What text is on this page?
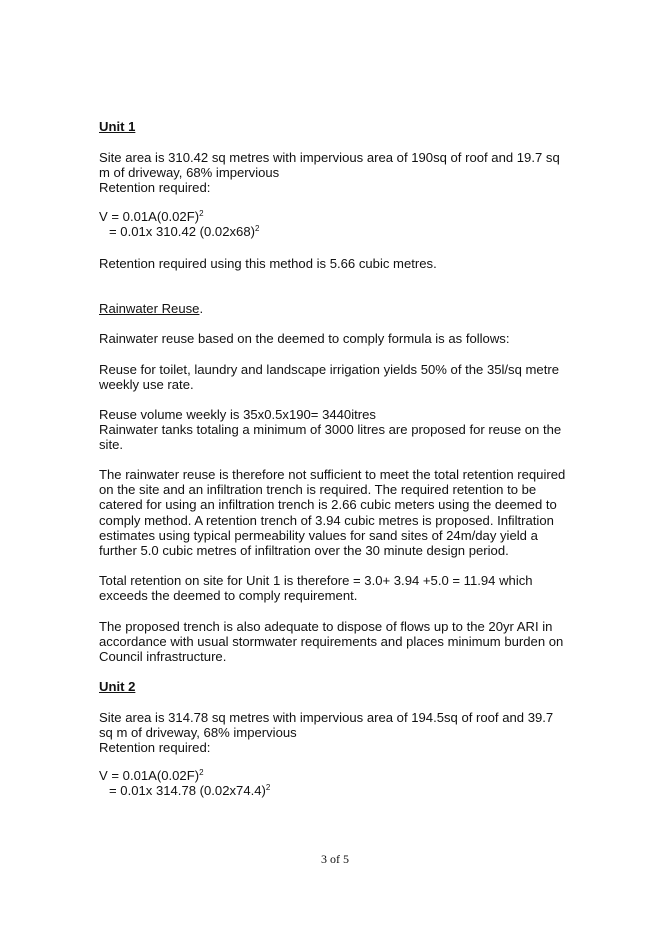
Unit 1

Site area is 310.42 sq metres with impervious area of 190sq of roof and 19.7 sq
m of driveway, 68% impervious
Retention required:
$V = 0.01A(0.02F)^2$
= 0.01x 310.42 $(0.02x68)^2$

Retention required using this method is 5.66 cubic metres.

Rainwater Reuse.

Rainwater reuse based on the deemed to comply formula is as follows:

Reuse for toilet, laundry and landscape irrigation yields 50% of the 35l/sq metre
weekly use rate.
Reuse volume weekly is 35x0.5x190= 3440itres
Rainwater tanks totaling a minimum of 3000 litres are proposed for reuse on the
site.
The rainwater reuse is therefore not sufficient to meet the total retention required
on the site and an infiltration trench is required. The required retention to be
catered for using an infiltration trench is 2.66 cubic meters using the deemed to
comply method. A retention trench of 3.94 cubic metres is proposed. Infiltration
estimates using typical permeability values for sand sites of 24m/day yield a
further 5.0 cubic metres of infiltration over the 30 minute design period.
Total retention on site for Unit 1 is therefore = 3.0+ 3.94 +5.0 = 11.94 which
exceeds the deemed to comply requirement.
The proposed trench is also adequate to dispose of flows up to the 20yr ARI in
accordance with usual stormwater requirements and places minimum burden on
Council infrastructure.

Unit 2

Site area is 314.78 sq metres with impervious area of 194.5sq of roof and 39.7
sq m of driveway, 68% impervious
Retention required:
$V = 0.01A(0.02F)^2$
= 0.01x 314.78 $(0.02x74.4)^2$
3 of 5
